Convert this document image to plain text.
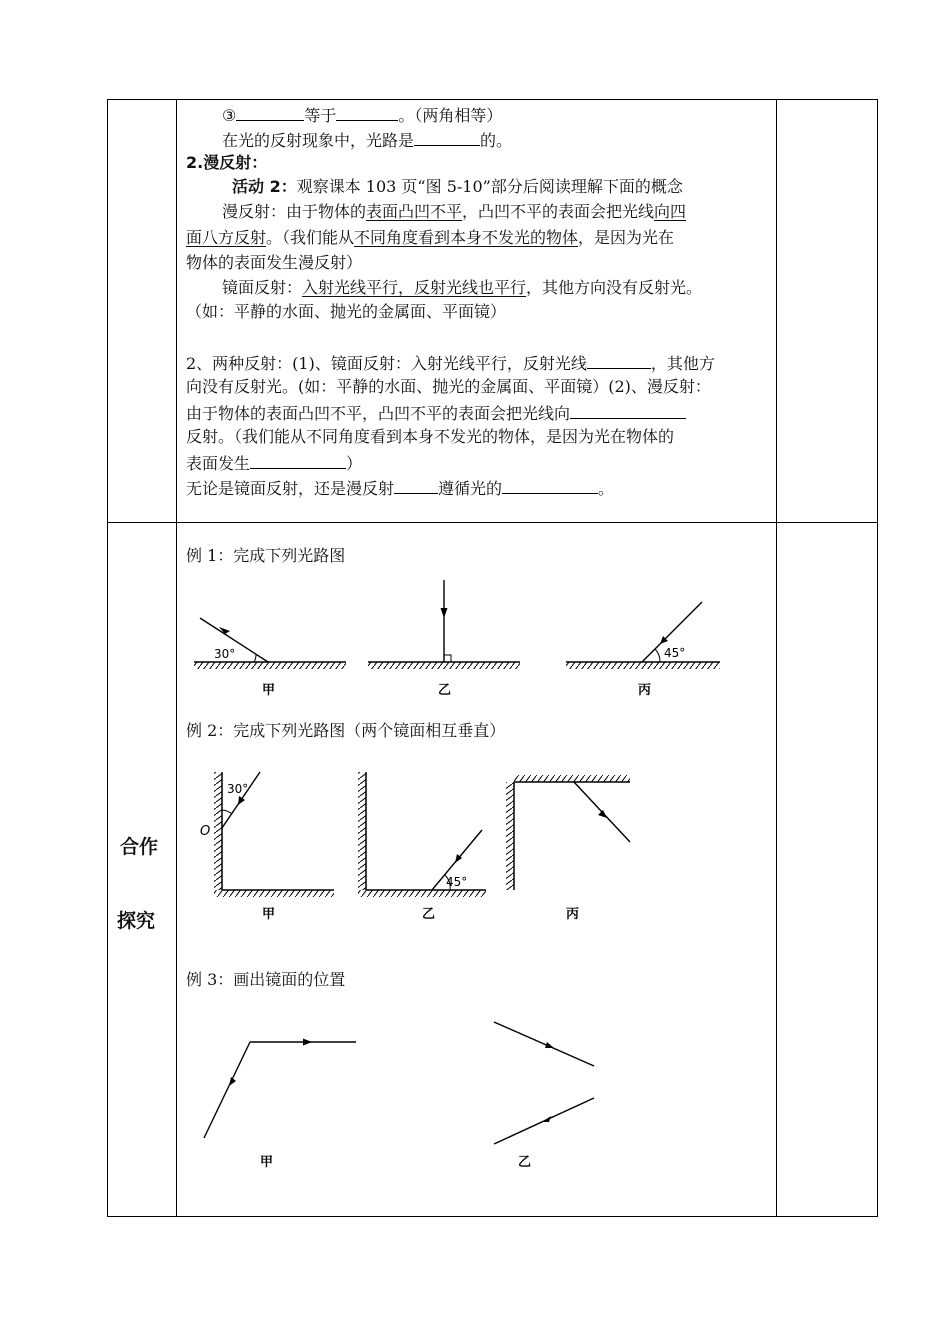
③	等于	。（两角相等）
在光的反射现象中，光路是	的。
2.漫反射：
活动 2：观察课本 103 页“图 5-10”部分后阅读理解下面的概念
漫反射：由于物体的表面凸凹不平，凸凹不平的表面会把光线向四
面八方反射。（我们能从不同角度看到本身不发光的物体，是因为光在
物体的表面发生漫反射）
镜面反射：入射光线平行，反射光线也平行，其他方向没有反射光。
（如：平静的水面、抛光的金属面、平面镜）
2、两种反射：(1)、镜面反射：入射光线平行，反射光线	，其他方
向没有反射光。(如：平静的水面、抛光的金属面、平面镜）(2)、漫反射：
由于物体的表面凸凹不平，凸凹不平的表面会把光线向
反射。（我们能从不同角度看到本身不发光的物体，是因为光在物体的
表面发生	）
无论是镜面反射，还是漫反射	遵循光的	。
合作
探究
例 1：完成下列光路图
30°
甲	乙
45°
丙
例 2：完成下列光路图（两个镜面相互垂直）
30°
O
甲
45°
乙	丙
例 3：画出镜面的位置
甲	乙
